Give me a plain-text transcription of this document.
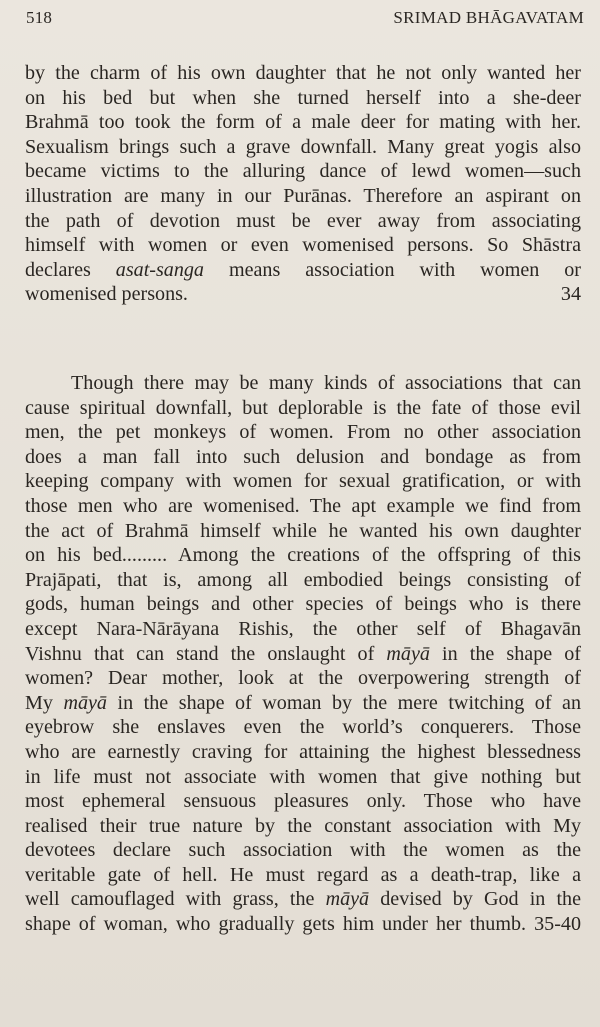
518	SRIMAD BHĀGAVATAM
by the charm of his own daughter that he not only wanted her
on his bed but when she turned herself into a she-deer
Brahmā too took the form of a male deer for mating with her.
Sexualism brings such a grave downfall. Many great yogis also
became victims to the alluring dance of lewd women—such
illustration are many in our Purānas. Therefore an aspirant on
the path of devotion must be ever away from associating
himself with women or even womenised persons. So Shāstra
declares asat-sanga means association with women or
womenised persons.	34
Though there may be many kinds of associations that can
cause spiritual downfall, but deplorable is the fate of those evil
men, the pet monkeys of women. From no other association
does a man fall into such delusion and bondage as from
keeping company with women for sexual gratification, or with
those men who are womenised. The apt example we find from
the act of Brahmā himself while he wanted his own daughter
on his bed......... Among the creations of the offspring of this
Prajāpati, that is, among all embodied beings consisting of
gods, human beings and other species of beings who is there
except Nara-Nārāyana Rishis, the other self of Bhagavān
Vishnu that can stand the onslaught of māyā in the shape of
women? Dear mother, look at the overpowering strength of
My māyā in the shape of woman by the mere twitching of an
eyebrow she enslaves even the world’s conquerers. Those
who are earnestly craving for attaining the highest blessedness
in life must not associate with women that give nothing but
most ephemeral sensuous pleasures only. Those who have
realised their true nature by the constant association with My
devotees declare such association with the women as the
veritable gate of hell. He must regard as a death-trap, like a
well camouflaged with grass, the māyā devised by God in the
shape of woman, who gradually gets him under her thumb. 35-40
